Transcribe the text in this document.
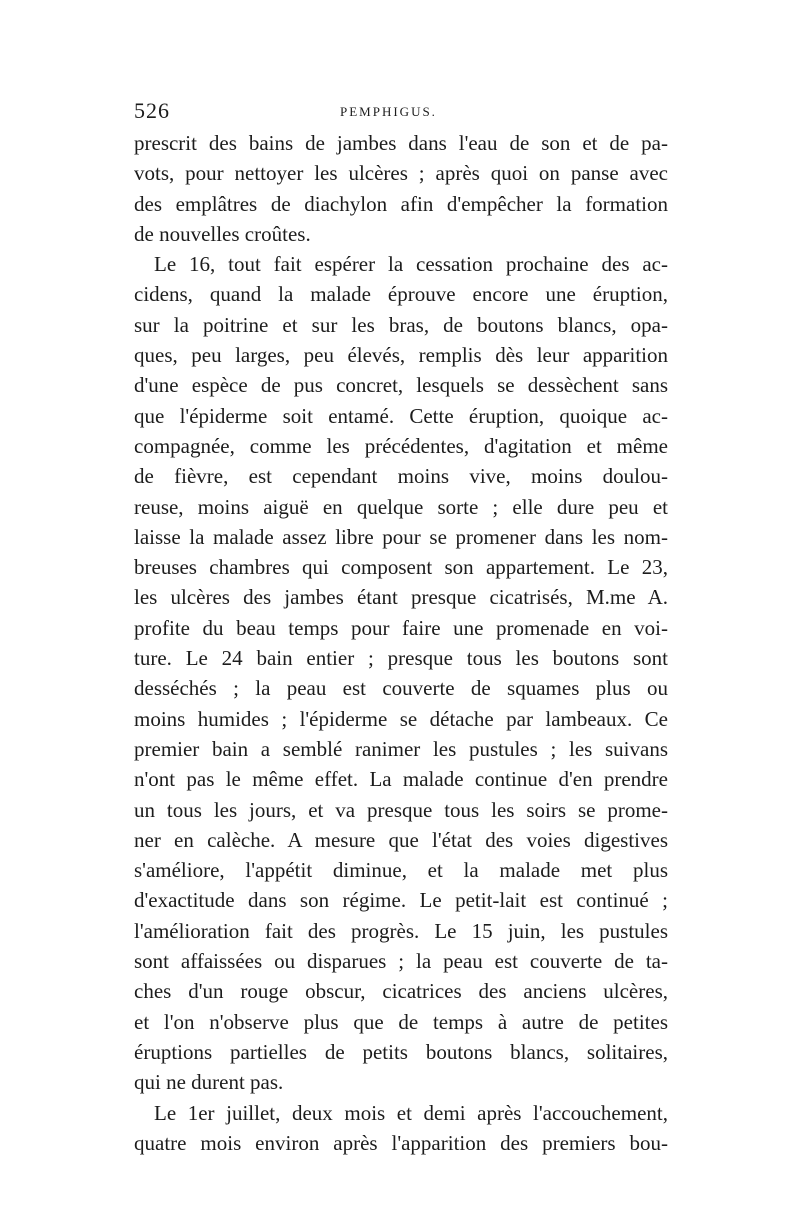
526	PEMPHIGUS.
prescrit des bains de jambes dans l'eau de son et de pa-
vots, pour nettoyer les ulcères ; après quoi on panse avec
des emplâtres de diachylon afin d'empêcher la formation
de nouvelles croûtes.
Le 16, tout fait espérer la cessation prochaine des ac-
cidens, quand la malade éprouve encore une éruption,
sur la poitrine et sur les bras, de boutons blancs, opa-
ques, peu larges, peu élevés, remplis dès leur apparition
d'une espèce de pus concret, lesquels se dessèchent sans
que l'épiderme soit entamé. Cette éruption, quoique ac-
compagnée, comme les précédentes, d'agitation et même
de fièvre, est cependant moins vive, moins doulou-
reuse, moins aiguë en quelque sorte ; elle dure peu et
laisse la malade assez libre pour se promener dans les nom-
breuses chambres qui composent son appartement. Le 23,
les ulcères des jambes étant presque cicatrisés, M.me A.
profite du beau temps pour faire une promenade en voi-
ture. Le 24 bain entier ; presque tous les boutons sont
desséchés ; la peau est couverte de squames plus ou
moins humides ; l'épiderme se détache par lambeaux. Ce
premier bain a semblé ranimer les pustules ; les suivans
n'ont pas le même effet. La malade continue d'en prendre
un tous les jours, et va presque tous les soirs se prome-
ner en calèche. A mesure que l'état des voies digestives
s'améliore, l'appétit diminue, et la malade met plus
d'exactitude dans son régime. Le petit-lait est continué ;
l'amélioration fait des progrès. Le 15 juin, les pustules
sont affaissées ou disparues ; la peau est couverte de ta-
ches d'un rouge obscur, cicatrices des anciens ulcères,
et l'on n'observe plus que de temps à autre de petites
éruptions partielles de petits boutons blancs, solitaires,
qui ne durent pas.
Le 1er juillet, deux mois et demi après l'accouchement,
quatre mois environ après l'apparition des premiers bou-
